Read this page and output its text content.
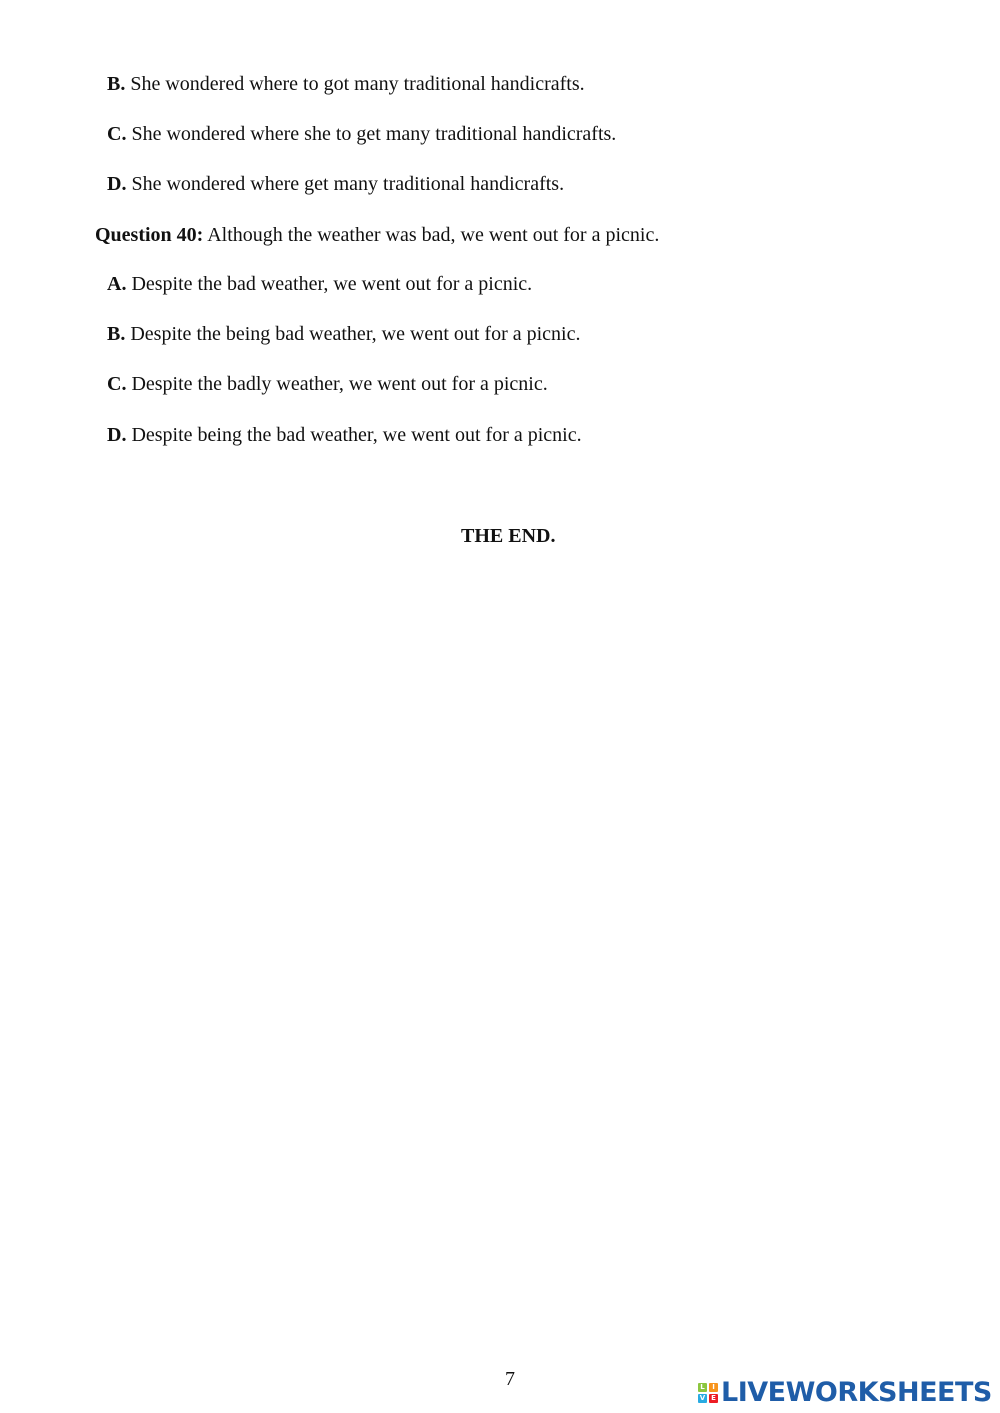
B. She wondered where to got many traditional handicrafts.
C. She wondered where she to get many traditional handicrafts.
D. She wondered where get many traditional handicrafts.
Question 40: Although the weather was bad, we went out for a picnic.
A. Despite the bad weather, we went out for a picnic.
B. Despite the being bad weather, we went out for a picnic.
C. Despite the badly weather, we went out for a picnic.
D. Despite being the bad weather, we went out for a picnic.
THE END.
7	L	I
V E LIVEWORKSHEETS
